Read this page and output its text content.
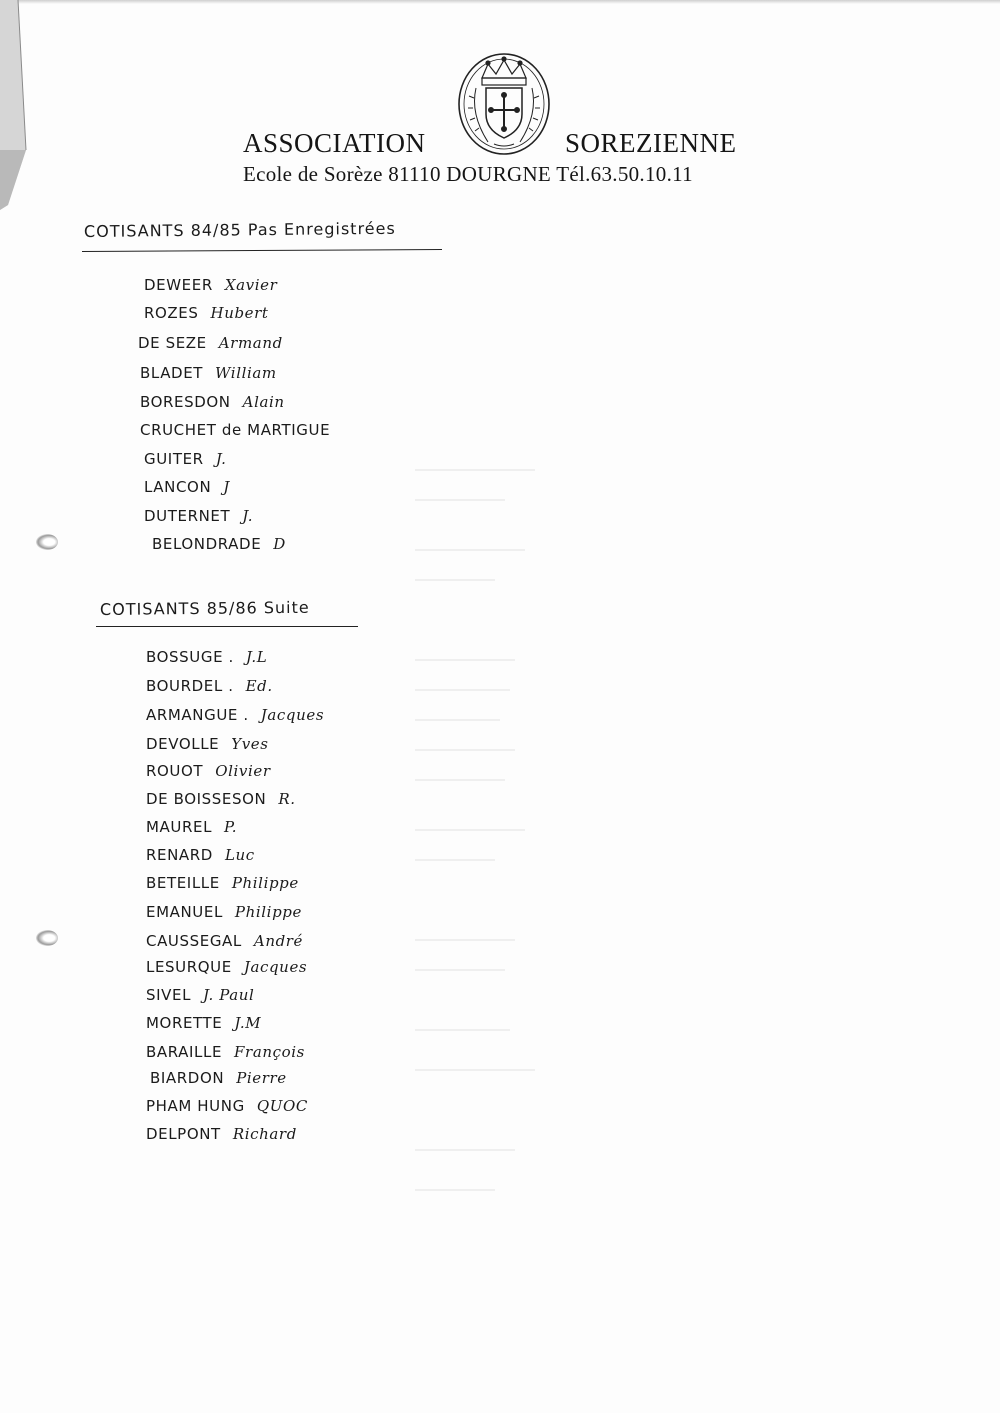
ASSOCIATION	SOREZIENNE
Ecole de Sorèze 81110 DOURGNE Tél.63.50.10.11
COTISANTS 84/85 Pas Enregistrées
DEWEER Xavier
ROZES Hubert
DE SEZE Armand
BLADET William
BORESDON Alain
CRUCHET de MARTIGUE
GUITER J.
LANCON J
DUTERNET J.
BELONDRADE D
COTISANTS 85/86 Suite
BOSSUGE . J.L
BOURDEL . Ed.
ARMANGUE . Jacques
DEVOLLE Yves
ROUOT Olivier
DE BOISSESON R.
MAUREL P.
RENARD Luc
BETEILLE Philippe
EMANUEL Philippe
CAUSSEGAL André
LESURQUE Jacques
SIVEL J. Paul
MORETTE J.M
BARAILLE François
BIARDON Pierre
PHAM HUNG QUOC
DELPONT Richard
